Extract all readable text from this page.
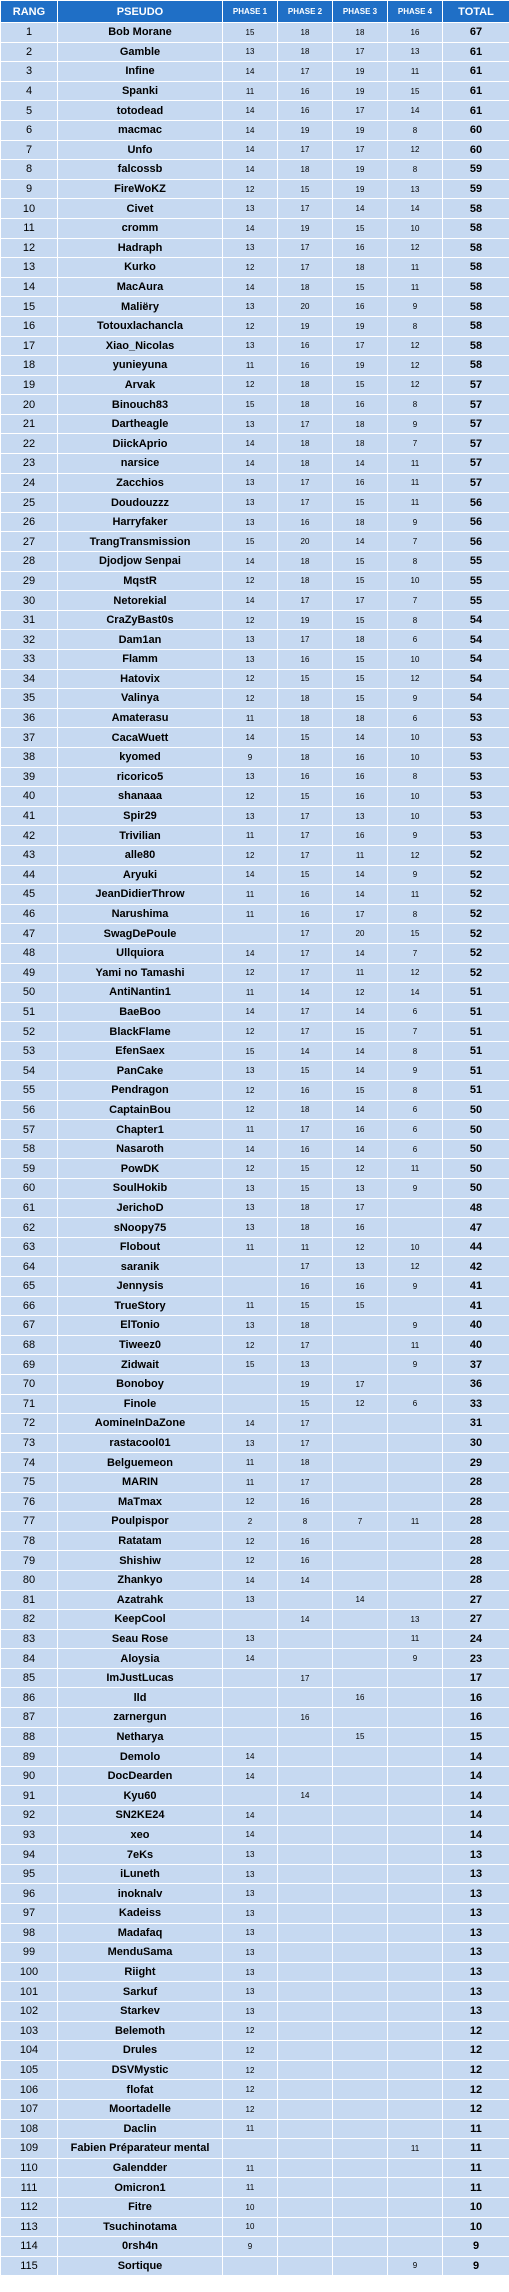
RANG	PSEUDO	PHASE 1	PHASE 2	PHASE 3	PHASE 4	TOTAL
1	Bob Morane	15	18	18	16	67
2	Gamble	13	18	17	13	61
3	Infine	14	17	19	11	61
4	Spanki	11	16	19	15	61
5	totodead	14	16	17	14	61
6	macmac	14	19	19	8	60
7	Unfo	14	17	17	12	60
8	falcossb	14	18	19	8	59
9	FireWoKZ	12	15	19	13	59
10	Civet	13	17	14	14	58
11	cromm	14	19	15	10	58
12	Hadraph	13	17	16	12	58
13	Kurko	12	17	18	11	58
14	MacAura	14	18	15	11	58
15	Maliëry	13	20	16	9	58
16	Totouxlachancla	12	19	19	8	58
17	Xiao_Nicolas	13	16	17	12	58
18	yunieyuna	11	16	19	12	58
19	Arvak	12	18	15	12	57
20	Binouch83	15	18	16	8	57
21	Dartheagle	13	17	18	9	57
22	DiickAprio	14	18	18	7	57
23	narsice	14	18	14	11	57
24	Zacchios	13	17	16	11	57
25	Doudouzzz	13	17	15	11	56
26	Harryfaker	13	16	18	9	56
27	TrangTransmission	15	20	14	7	56
28	Djodjow Senpai	14	18	15	8	55
29	MqstR	12	18	15	10	55
30	Netorekial	14	17	17	7	55
31	CraZyBast0s	12	19	15	8	54
32	Dam1an	13	17	18	6	54
33	Flamm	13	16	15	10	54
34	Hatovix	12	15	15	12	54
35	Valinya	12	18	15	9	54
36	Amaterasu	11	18	18	6	53
37	CacaWuett	14	15	14	10	53
38	kyomed	9	18	16	10	53
39	ricorico5	13	16	16	8	53
40	shanaaa	12	15	16	10	53
41	Spir29	13	17	13	10	53
42	Trivilian	11	17	16	9	53
43	alle80	12	17	11	12	52
44	Aryuki	14	15	14	9	52
45	JeanDidierThrow	11	16	14	11	52
46	Narushima	11	16	17	8	52
47	SwagDePoule		17	20	15	52
48	Ullquiora	14	17	14	7	52
49	Yami no Tamashi	12	17	11	12	52
50	AntiNantin1	11	14	12	14	51
51	BaeBoo	14	17	14	6	51
52	BlackFlame	12	17	15	7	51
53	EfenSaex	15	14	14	8	51
54	PanCake	13	15	14	9	51
55	Pendragon	12	16	15	8	51
56	CaptainBou	12	18	14	6	50
57	Chapter1	11	17	16	6	50
58	Nasaroth	14	16	14	6	50
59	PowDK	12	15	12	11	50
60	SoulHokib	13	15	13	9	50
61	JerichoD	13	18	17		48
62	sNoopy75	13	18	16		47
63	Flobout	11	11	12	10	44
64	saranik		17	13	12	42
65	Jennysis		16	16	9	41
66	TrueStory	11	15	15		41
67	ElTonio	13	18		9	40
68	Tiweez0	12	17		11	40
69	Zidwait	15	13		9	37
70	Bonoboy		19	17		36
71	Finole		15	12	6	33
72	AomineInDaZone	14	17			31
73	rastacool01	13	17			30
74	Belguemeon	11	18			29
75	MARIN	11	17			28
76	MaTmax	12	16			28
77	Poulpispor	2	8	7	11	28
78	Ratatam	12	16			28
79	Shishiw	12	16			28
80	Zhankyo	14	14			28
81	Azatrahk	13		14		27
82	KeepCool		14		13	27
83	Seau Rose	13			11	24
84	Aloysia	14			9	23
85	ImJustLucas		17			17
86	lld			16		16
87	zarnergun		16			16
88	Netharya			15		15
89	Demolo	14				14
90	DocDearden	14				14
91	Kyu60		14			14
92	SN2KE24	14				14
93	xeo	14				14
94	7eKs	13				13
95	iLuneth	13				13
96	inoknalv	13				13
97	Kadeiss	13				13
98	Madafaq	13				13
99	MenduSama	13				13
100	Riight	13				13
101	Sarkuf	13				13
102	Starkev	13				13
103	Belemoth	12				12
104	Drules	12				12
105	DSVMystic	12				12
106	flofat	12				12
107	Moortadelle	12				12
108	Daclin	11				11
109	Fabien Préparateur mental				11	11
110	Galendder	11				11
111	Omicron1	11				11
112	Fitre	10				10
113	Tsuchinotama	10				10
114	0rsh4n	9				9
115	Sortique				9	9
